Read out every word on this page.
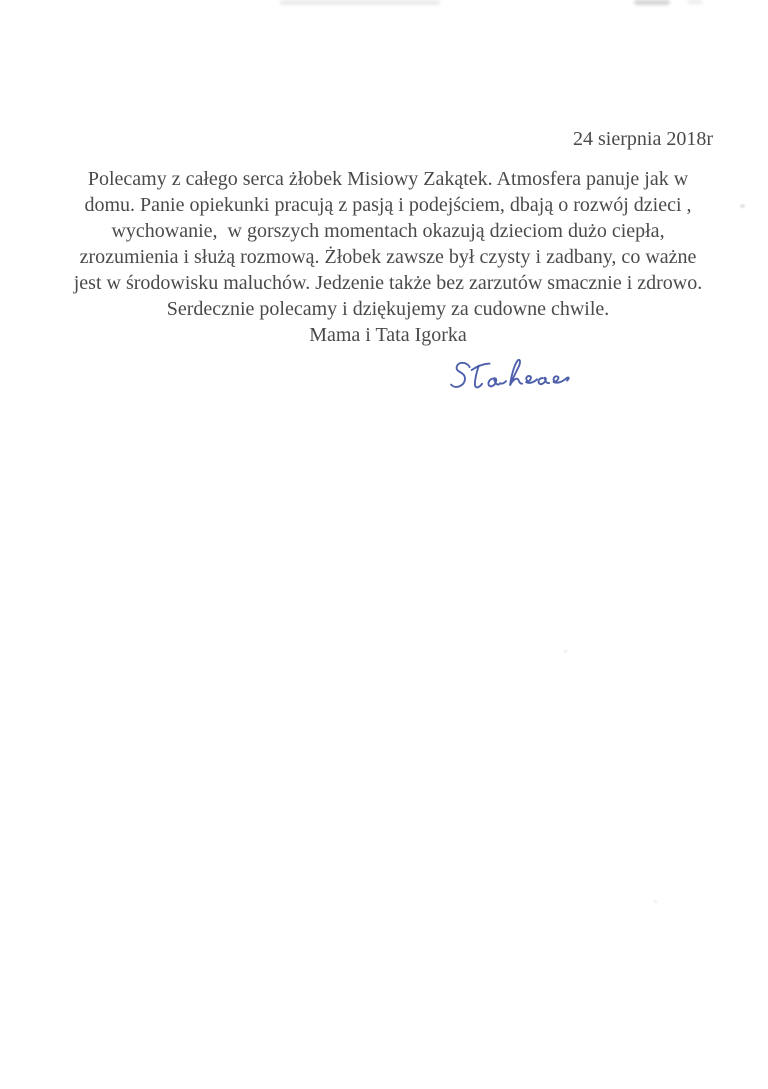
24 sierpnia 2018r
Polecamy z całego serca żłobek Misiowy Zakątek. Atmosfera panuje jak w
domu. Panie opiekunki pracują z pasją i podejściem, dbają o rozwój dzieci ,
wychowanie,  w gorszych momentach okazują dzieciom dużo ciepła,
zrozumienia i służą rozmową. Żłobek zawsze był czysty i zadbany, co ważne
jest w środowisku maluchów. Jedzenie także bez zarzutów smacznie i zdrowo.
Serdecznie polecamy i dziękujemy za cudowne chwile.
Mama i Tata Igorka
